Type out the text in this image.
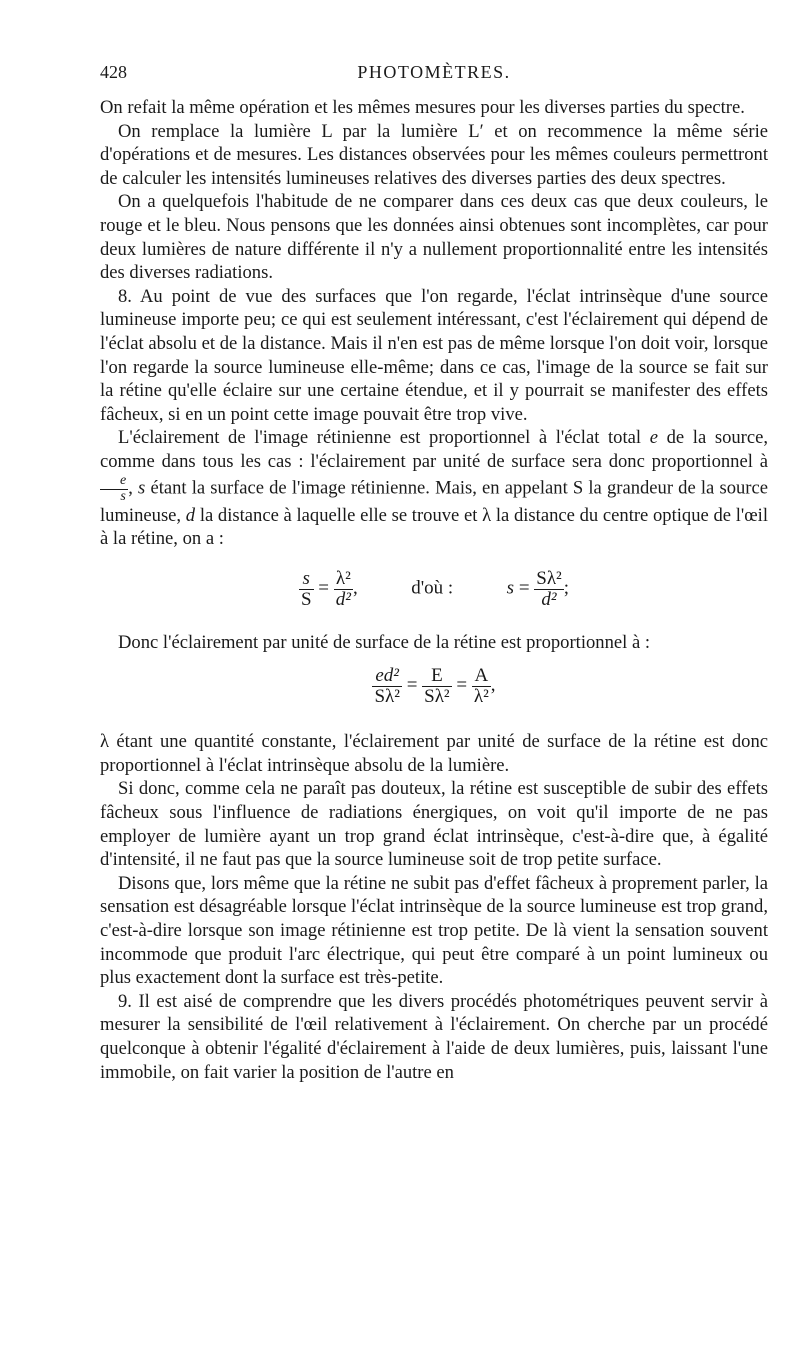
428	PHOTOMÈTRES.

On refait la même opération et les mêmes mesures pour les diverses parties du spectre.

On remplace la lumière L par la lumière L′ et on recommence la même série d'opérations et de mesures. Les distances observées pour les mêmes couleurs permettront de calculer les intensités lumineuses relatives des diverses parties des deux spectres.

On a quelquefois l'habitude de ne comparer dans ces deux cas que deux couleurs, le rouge et le bleu. Nous pensons que les données ainsi obtenues sont incomplètes, car pour deux lumières de nature différente il n'y a nullement proportionnalité entre les intensités des diverses radiations.

8. Au point de vue des surfaces que l'on regarde, l'éclat intrinsèque d'une source lumineuse importe peu; ce qui est seulement intéressant, c'est l'éclairement qui dépend de l'éclat absolu et de la distance. Mais il n'en est pas de même lorsque l'on doit voir, lorsque l'on regarde la source lumineuse elle-même; dans ce cas, l'image de la source se fait sur la rétine qu'elle éclaire sur une certaine étendue, et il y pourrait se manifester des effets fâcheux, si en un point cette image pouvait être trop vive.

L'éclairement de l'image rétinienne est proportionnel à l'éclat total e de la source, comme dans tous les cas : l'éclairement par unité de surface sera donc proportionnel à
$\frac{e}{s}$ , s étant la surface de l'image rétinienne. Mais, en appelant S la grandeur de la source lumineuse, d la distance à laquelle elle se trouve et λ la distance du centre optique de l'œil à la rétine, on a :

$\frac{s}{S} = \frac{\text{λ²}}{\text{d²}}$ ,	d'où :	$s = \frac{\text{Sλ²}}{\text{d²}}$ ;

Donc l'éclairement par unité de surface de la rétine est proportionnel à :

$\frac{\text{ed²}}{\text{Sλ²}} = \frac{E}{\text{Sλ²}} = \frac{A}{\text{λ²}}$ ,

λ étant une quantité constante, l'éclairement par unité de surface de la rétine est donc proportionnel à l'éclat intrinsèque absolu de la lumière.

Si donc, comme cela ne paraît pas douteux, la rétine est susceptible de subir des effets fâcheux sous l'influence de radiations énergiques, on voit qu'il importe de ne pas employer de lumière ayant un trop grand éclat intrinsèque, c'est-à-dire que, à égalité d'intensité, il ne faut pas que la source lumineuse soit de trop petite surface.

Disons que, lors même que la rétine ne subit pas d'effet fâcheux à proprement parler, la sensation est désagréable lorsque l'éclat intrinsèque de la source lumineuse est trop grand, c'est-à-dire lorsque son image rétinienne est trop petite. De là vient la sensation souvent incommode que produit l'arc électrique, qui peut être comparé à un point lumineux ou plus exactement dont la surface est très-petite.

9. Il est aisé de comprendre que les divers procédés photométriques peuvent servir à mesurer la sensibilité de l'œil relativement à l'éclairement. On cherche par un procédé quelconque à obtenir l'égalité d'éclairement à l'aide de deux lumières, puis, laissant l'une immobile, on fait varier la position de l'autre en
